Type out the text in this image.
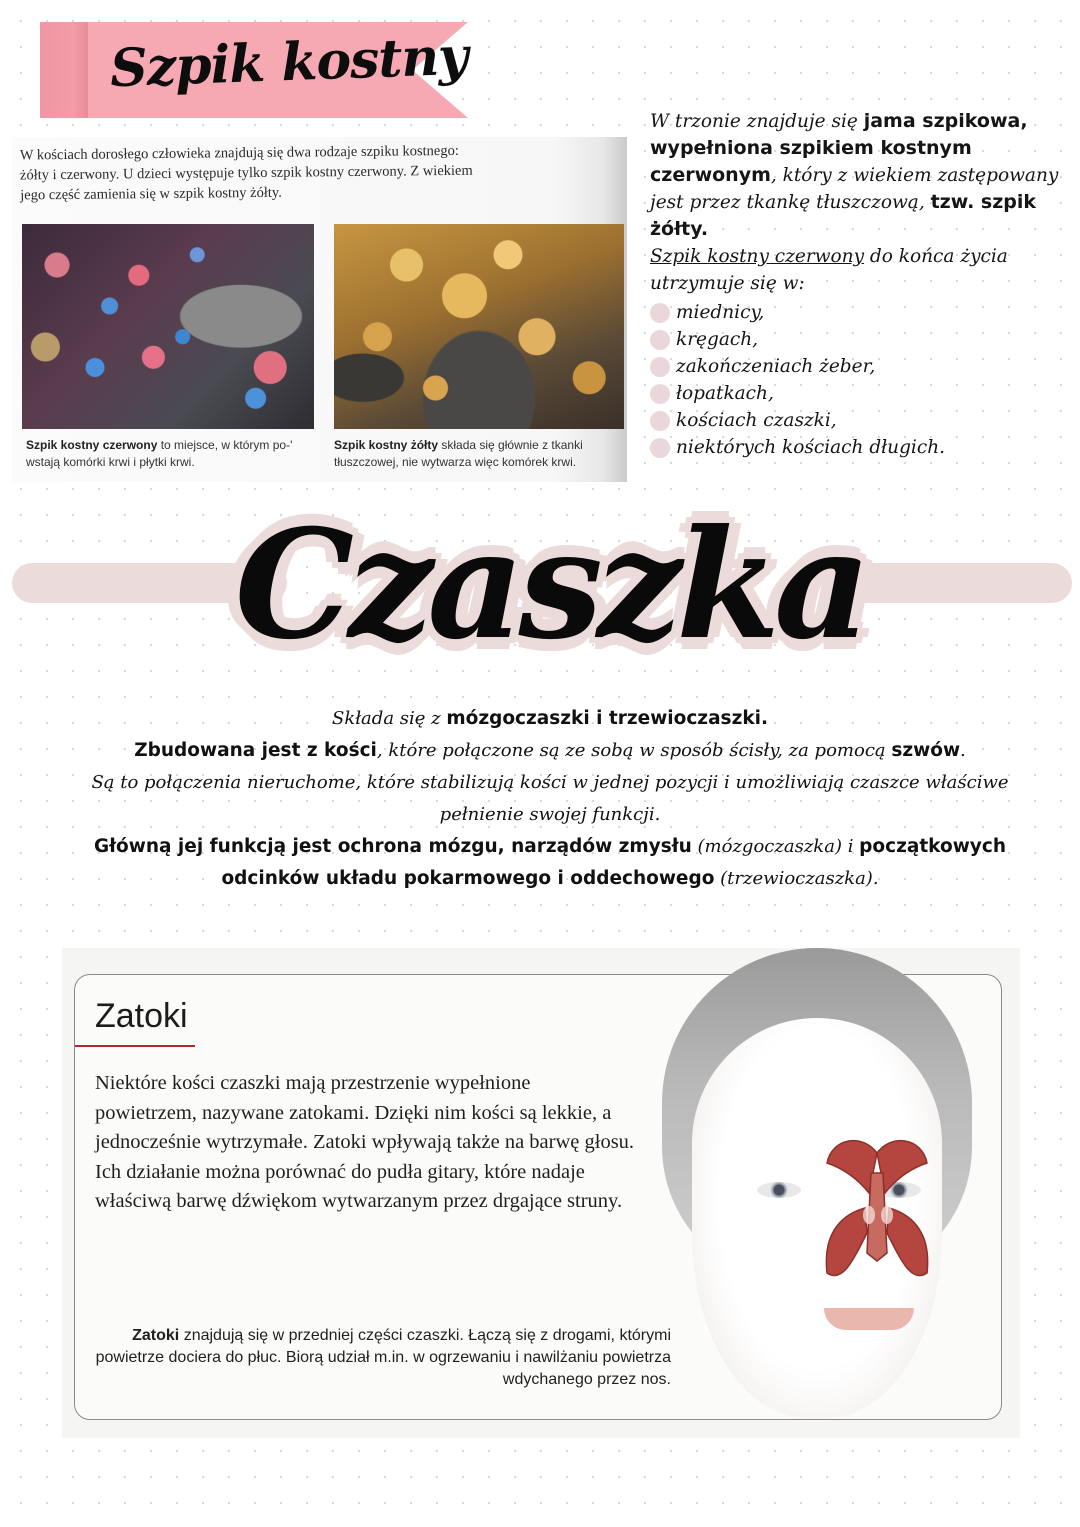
Szpik kostny

W kościach dorosłego człowieka znajdują się dwa rodzaje szpiku kostnego: żółty i czerwony. U dzieci występuje tylko szpik kostny czerwony. Z wiekiem jego część zamienia się w szpik kostny żółty.

Szpik kostny czerwony to miejsce, w którym po-' wstają komórki krwi i płytki krwi.

Szpik kostny żółty składa się głównie z tkanki tłuszczowej, nie wytwarza więc komórek krwi.

W trzonie znajduje się jama szpikowa, wypełniona szpikiem kostnym czerwonym, który z wiekiem zastępowany jest przez tkankę tłuszczową, tzw. szpik żółty.

Szpik kostny czerwony do końca życia utrzymuje się w:

miednicy,
kręgach,
zakończeniach żeber,
łopatkach,
kościach czaszki,
niektórych kościach długich.
Czaszka

Składa się z mózgoczaszki i trzewioczaszki.

Zbudowana jest z kości, które połączone są ze sobą w sposób ścisły, za pomocą szwów.

Są to połączenia nieruchome, które stabilizują kości w jednej pozycji i umożliwiają czaszce właściwe pełnienie swojej funkcji.

Główną jej funkcją jest ochrona mózgu, narządów zmysłu (mózgoczaszka) i początkowych odcinków układu pokarmowego i oddechowego (trzewioczaszka).

Zatoki

Niektóre kości czaszki mają przestrzenie wypełnione powietrzem, nazywane zatokami. Dzięki nim kości są lekkie, a jednocześnie wytrzymałe. Zatoki wpływają także na barwę głosu. Ich działanie można porównać do pudła gitary, które nadaje właściwą barwę dźwiękom wytwarzanym przez drgające struny.

Zatoki znajdują się w przedniej części czaszki. Łączą się z drogami, którymi powietrze dociera do płuc. Biorą udział m.in. w ogrzewaniu i nawilżaniu powietrza wdychanego przez nos.
